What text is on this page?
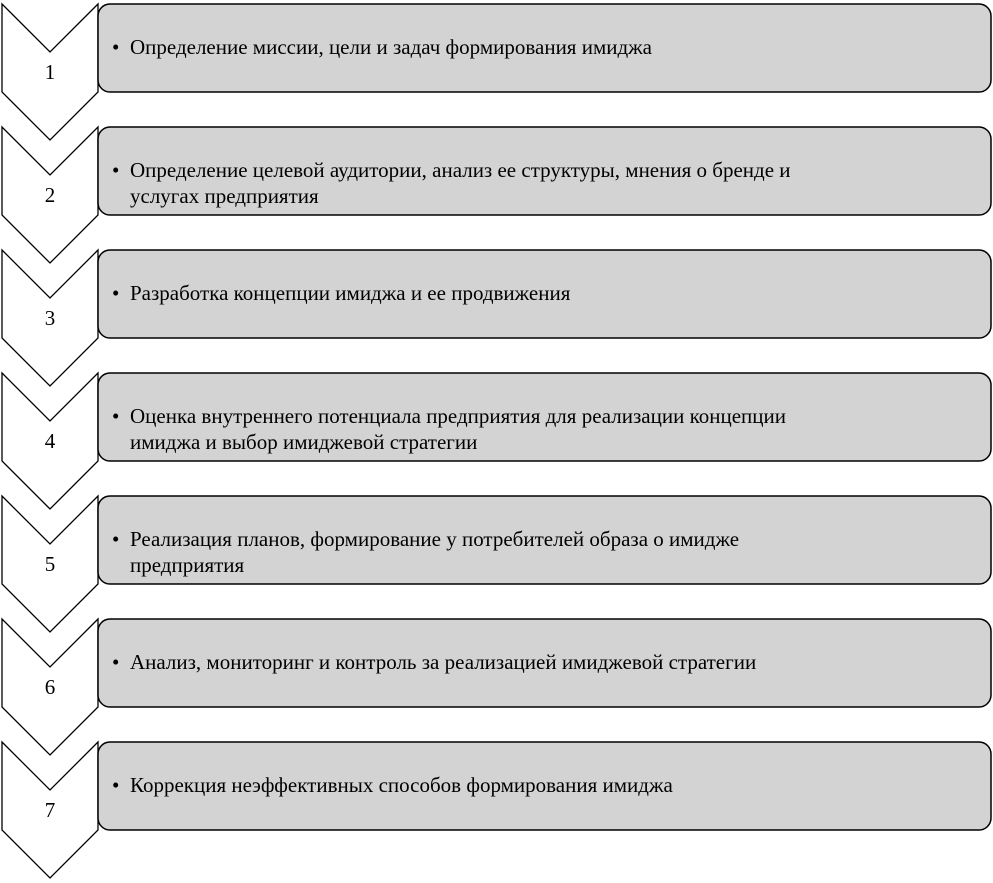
1
• Определение миссии, цели и задач формирования имиджа
2
• Определение целевой аудитории, анализ ее структуры, мнения о бренде и
услугах предприятия
3
• Разработка концепции имиджа и ее продвижения
4
• Оценка внутреннего потенциала предприятия для реализации концепции
имиджа и выбор имиджевой стратегии
5
• Реализация планов, формирование у потребителей образа о имидже
предприятия
6
• Анализ, мониторинг и контроль за реализацией имиджевой стратегии
7
• Коррекция неэффективных способов формирования имиджа
